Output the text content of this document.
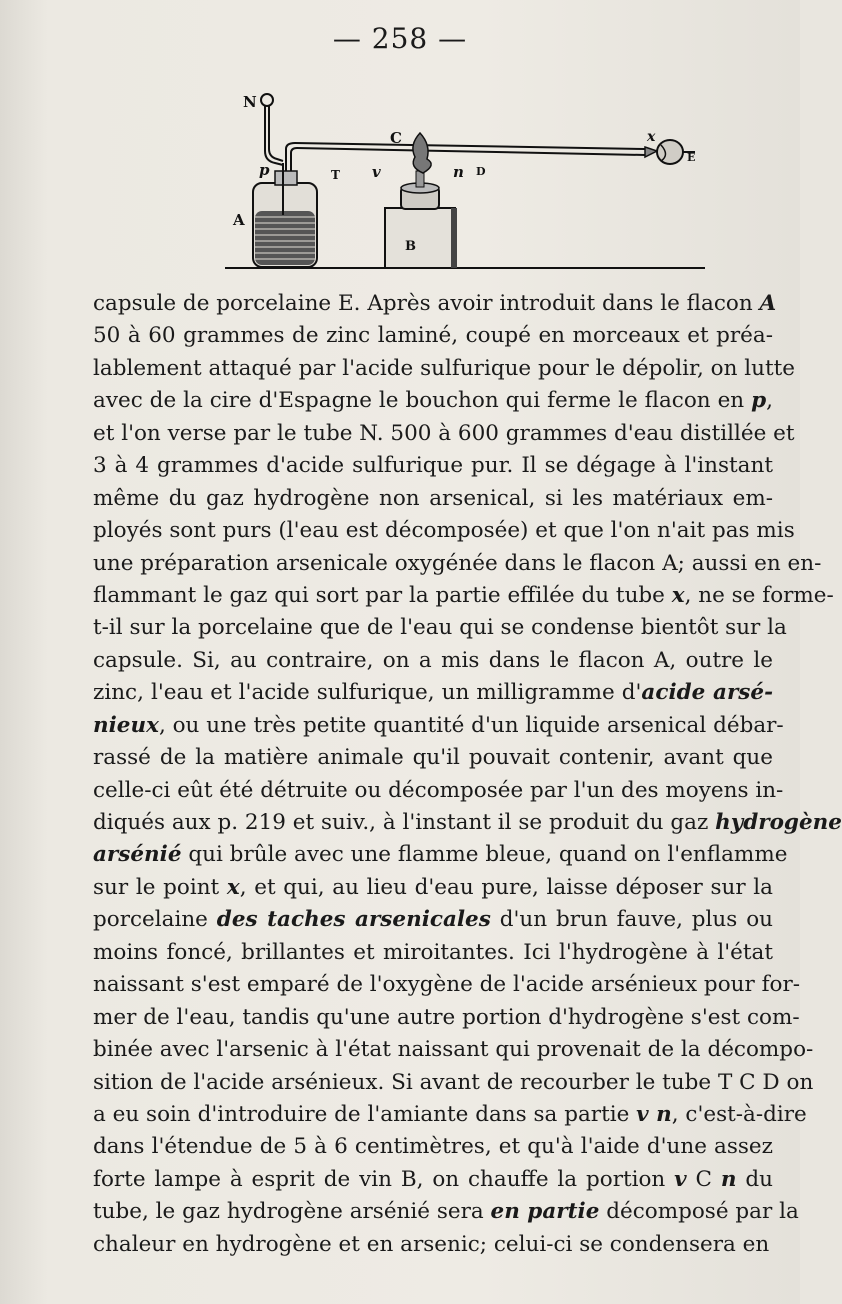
— 258 —
N
p	T v
C
n D
x
E
A
B
capsule de porcelaine E. Après avoir introduit dans le flacon A
50 à 60 grammes de zinc laminé, coupé en morceaux et préa-
lablement attaqué par l'acide sulfurique pour le dépolir, on lutte
avec de la cire d'Espagne le bouchon qui ferme le flacon en p,
et l'on verse par le tube N. 500 à 600 grammes d'eau distillée et
3 à 4 grammes d'acide sulfurique pur. Il se dégage à l'instant
même du gaz hydrogène non arsenical, si les matériaux em-
ployés sont purs (l'eau est décomposée) et que l'on n'ait pas mis
une préparation arsenicale oxygénée dans le flacon A; aussi en en-
flammant le gaz qui sort par la partie effilée du tube x, ne se forme-
t-il sur la porcelaine que de l'eau qui se condense bientôt sur la
capsule. Si, au contraire, on a mis dans le flacon A, outre le
zinc, l'eau et l'acide sulfurique, un milligramme d'acide arsé-
nieux, ou une très petite quantité d'un liquide arsenical débar-
rassé de la matière animale qu'il pouvait contenir, avant que
celle-ci eût été détruite ou décomposée par l'un des moyens in-
diqués aux p. 219 et suiv., à l'instant il se produit du gaz hydrogène
arsénié qui brûle avec une flamme bleue, quand on l'enflamme
sur le point x, et qui, au lieu d'eau pure, laisse déposer sur la
porcelaine des taches arsenicales d'un brun fauve, plus ou
moins foncé, brillantes et miroitantes. Ici l'hydrogène à l'état
naissant s'est emparé de l'oxygène de l'acide arsénieux pour for-
mer de l'eau, tandis qu'une autre portion d'hydrogène s'est com-
binée avec l'arsenic à l'état naissant qui provenait de la décompo-
sition de l'acide arsénieux. Si avant de recourber le tube T C D on
a eu soin d'introduire de l'amiante dans sa partie v n, c'est-à-dire
dans l'étendue de 5 à 6 centimètres, et qu'à l'aide d'une assez
forte lampe à esprit de vin B, on chauffe la portion v C n du
tube, le gaz hydrogène arsénié sera en partie décomposé par la
chaleur en hydrogène et en arsenic; celui-ci se condensera en
